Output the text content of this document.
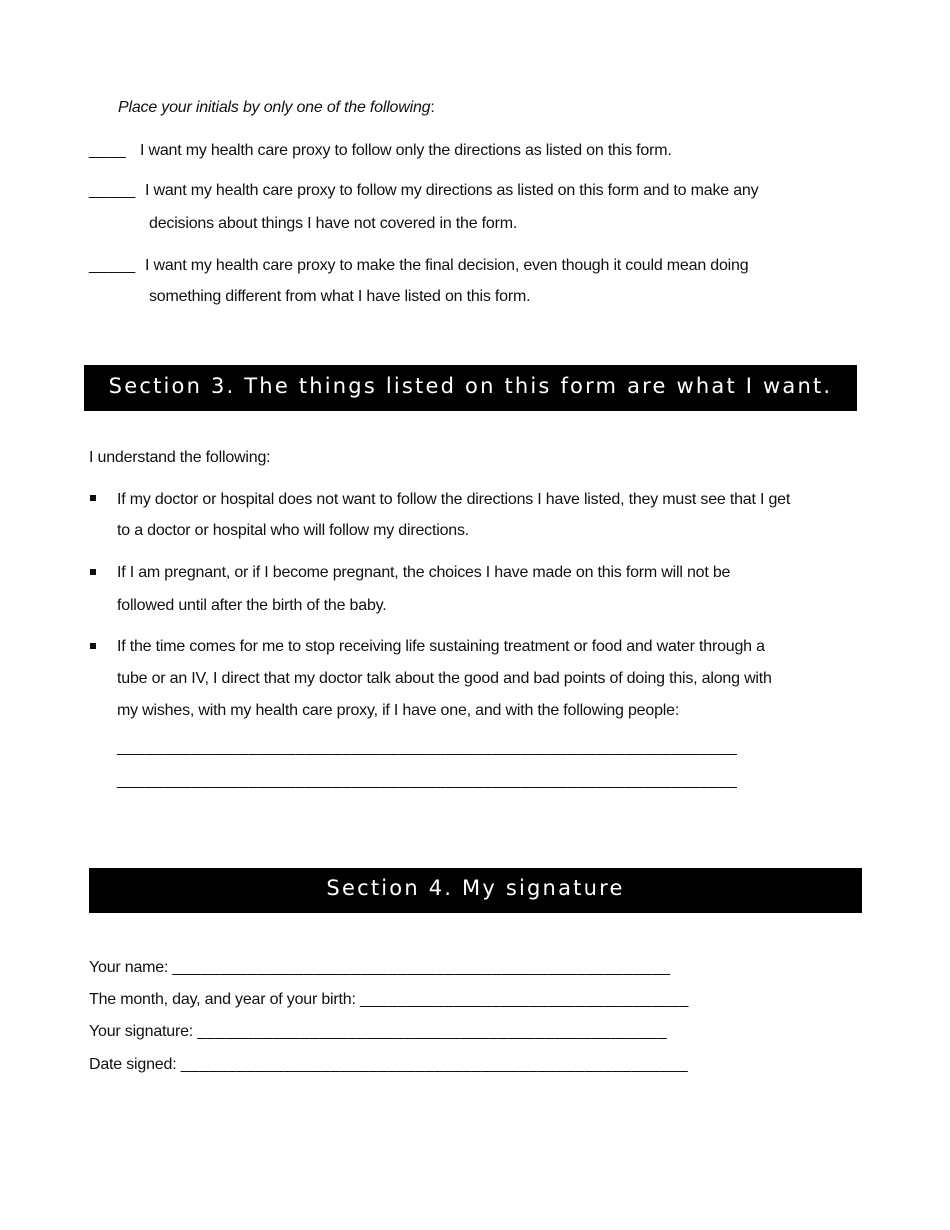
Place your initials by only one of the following:
____ I want my health care proxy to follow only the directions as listed on this form.
_____ I want my health care proxy to follow my directions as listed on this form and to make any
decisions about things I have not covered in the form.
_____ I want my health care proxy to make the final decision, even though it could mean doing
something different from what I have listed on this form.
Section 3. The things listed on this form are what I want.
I understand the following:
If my doctor or hospital does not want to follow the directions I have listed, they must see that I get
to a doctor or hospital who will follow my directions.
If I am pregnant, or if I become pregnant, the choices I have made on this form will not be
followed until after the birth of the baby.
If the time comes for me to stop receiving life sustaining treatment or food and water through a
tube or an IV, I direct that my doctor talk about the good and bad points of doing this, along with
my wishes, with my health care proxy, if I have one, and with the following people:
__________________________________________________________________
__________________________________________________________________
Section 4. My signature
Your name: _____________________________________________________
The month, day, and year of your birth: ___________________________________
Your signature: __________________________________________________
Date signed: ______________________________________________________
